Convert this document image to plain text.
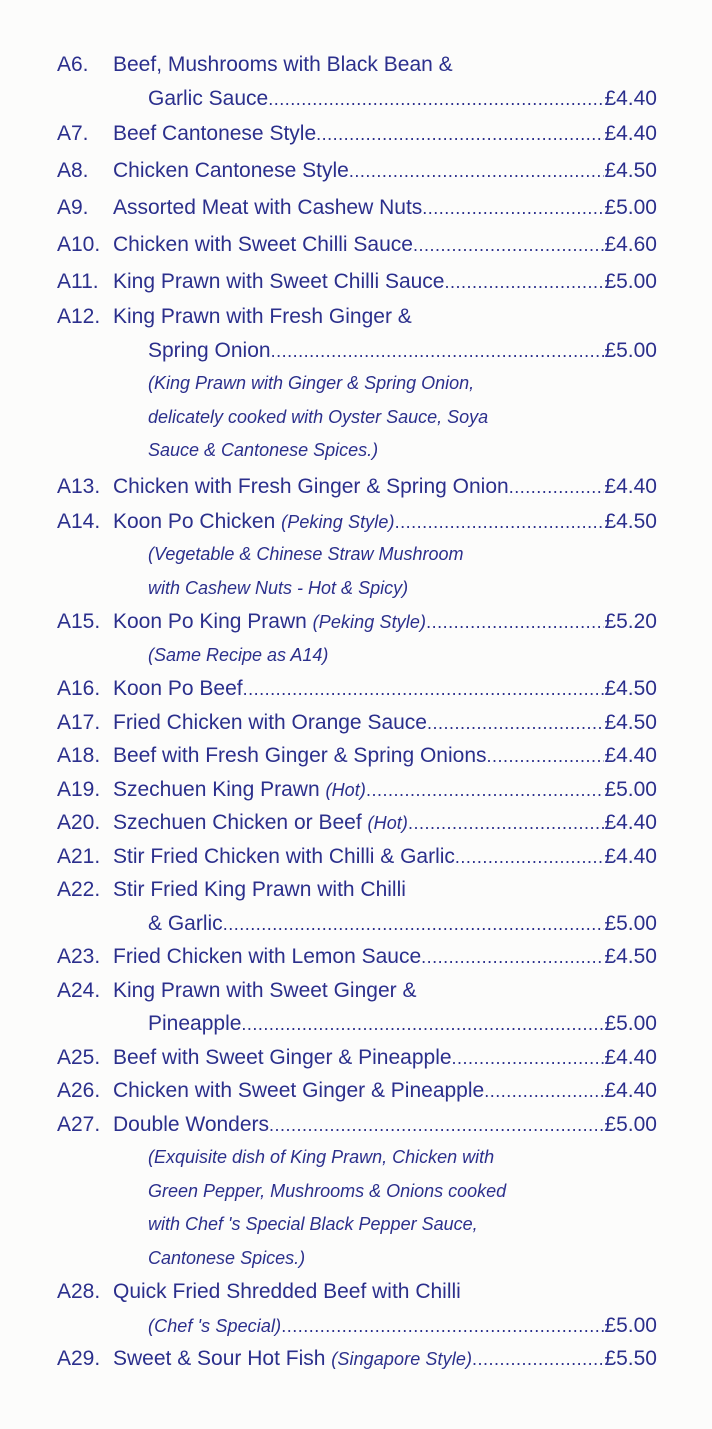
A6.	Beef, Mushrooms with Black Bean &
Garlic Sauce .....	£4.40
A7.	Beef Cantonese Style .....	£4.40
A8.	Chicken Cantonese Style .....	£4.50
A9.	Assorted Meat with Cashew Nuts .....	£5.00
A10. Chicken with Sweet Chilli Sauce .....	£4.60
A11. King Prawn with Sweet Chilli Sauce .....	£5.00
A12. King Prawn with Fresh Ginger &
Spring Onion .....	£5.00
(King Prawn with Ginger & Spring Onion,
delicately cooked with Oyster Sauce, Soya
Sauce & Cantonese Spices.)
A13. Chicken with Fresh Ginger & Spring Onion .....	£4.40
A14. Koon Po Chicken (Peking Style) .....	£4.50
(Vegetable & Chinese Straw Mushroom
with Cashew Nuts - Hot & Spicy)
A15. Koon Po King Prawn (Peking Style) .....	£5.20
(Same Recipe as A14)
A16. Koon Po Beef .....	£4.50
A17. Fried Chicken with Orange Sauce .....	£4.50
A18. Beef with Fresh Ginger & Spring Onions .....	£4.40
A19. Szechuen King Prawn (Hot) .....	£5.00
A20. Szechuen Chicken or Beef (Hot) .....	£4.40
A21. Stir Fried Chicken with Chilli & Garlic .....	£4.40
A22. Stir Fried King Prawn with Chilli
& Garlic .....	£5.00
A23. Fried Chicken with Lemon Sauce .....	£4.50
A24. King Prawn with Sweet Ginger &
Pineapple .....	£5.00
A25. Beef with Sweet Ginger & Pineapple .....	£4.40
A26. Chicken with Sweet Ginger & Pineapple .....	£4.40
A27. Double Wonders .....	£5.00
(Exquisite dish of King Prawn, Chicken with
Green Pepper, Mushrooms & Onions cooked
with Chef 's Special Black Pepper Sauce,
Cantonese Spices.)
A28. Quick Fried Shredded Beef with Chilli
(Chef 's Special) .....	£5.00
A29. Sweet & Sour Hot Fish (Singapore Style) .....	£5.50
